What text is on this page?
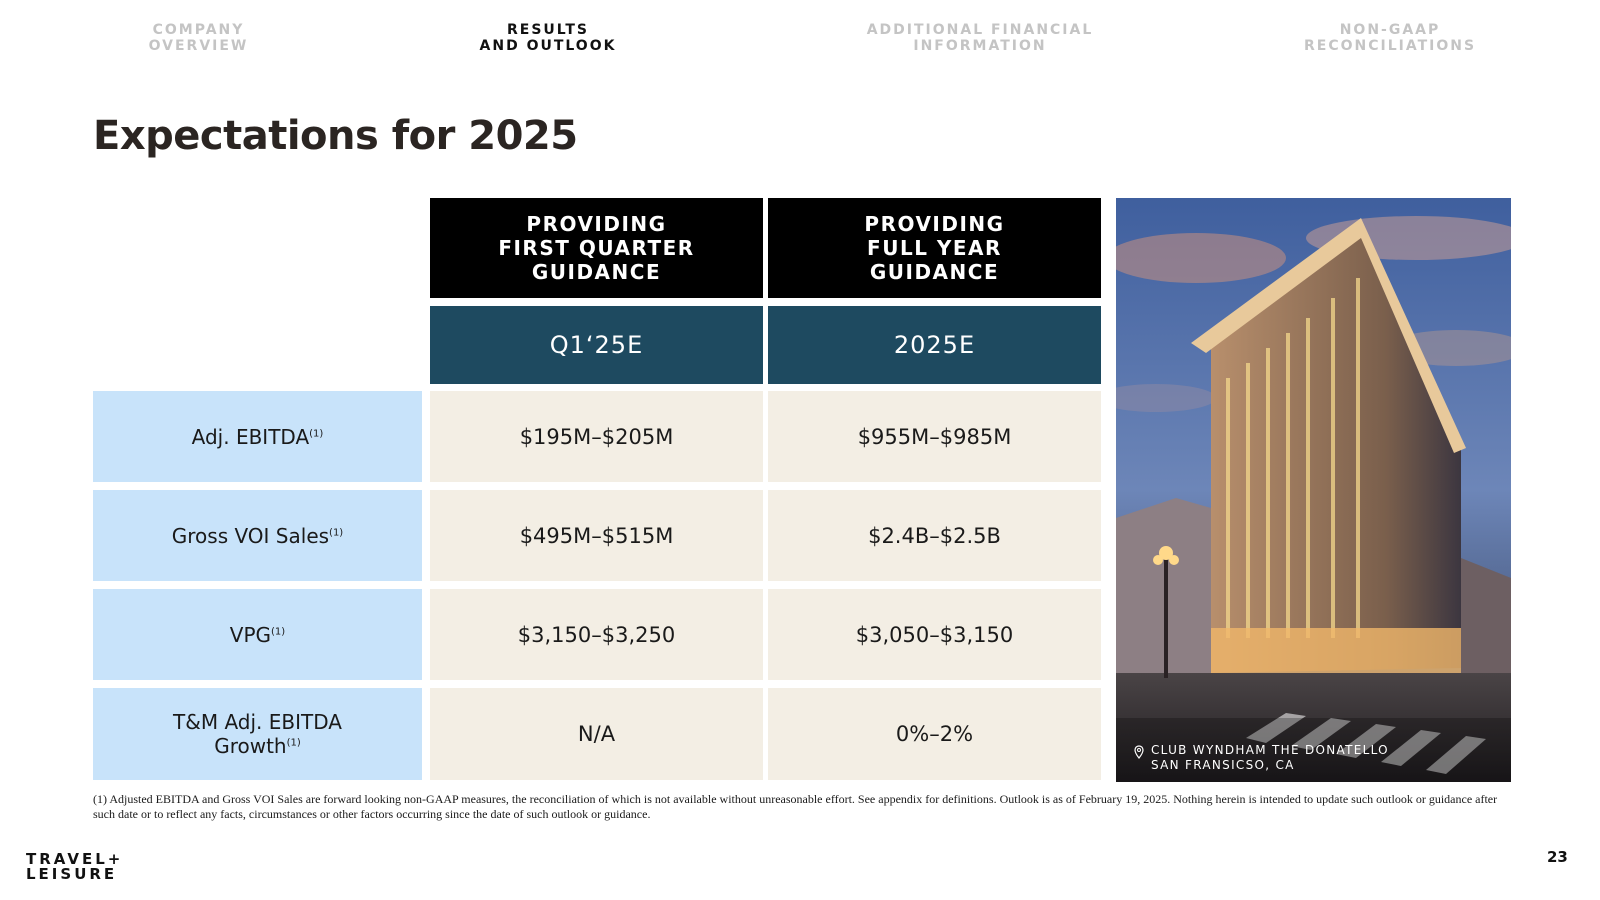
COMPANY
OVERVIEW
RESULTS
AND OUTLOOK
ADDITIONAL FINANCIAL
INFORMATION
NON-GAAP
RECONCILIATIONS
Expectations for 2025
PROVIDING
FIRST QUARTER
GUIDANCE
PROVIDING
FULL YEAR
GUIDANCE
Q1‘25E	2025E
Adj. EBITDA$^{(1)}$	$195M–$205M	$955M–$985M
Gross VOI Sales$^{(1)}$	$495M–$515M	$2.4B–$2.5B
VPG$^{(1)}$	$3,150–$3,250	$3,050–$3,150
T&M Adj. EBITDA
Growth$^{(1)}$	N/A	0%–2%
CLUB WYNDHAM THE DONATELLO
SAN FRANSICSO, CA

(1) Adjusted EBITDA and Gross VOI Sales are forward looking non-GAAP measures, the reconciliation of which is not available without unreasonable effort. See appendix for definitions. Outlook is as of February 19, 2025. Nothing herein is intended to update such outlook or guidance after such date or to reflect any facts, circumstances or other factors occurring since the date of such outlook or guidance.

TRAVEL+
LEISURE
23
